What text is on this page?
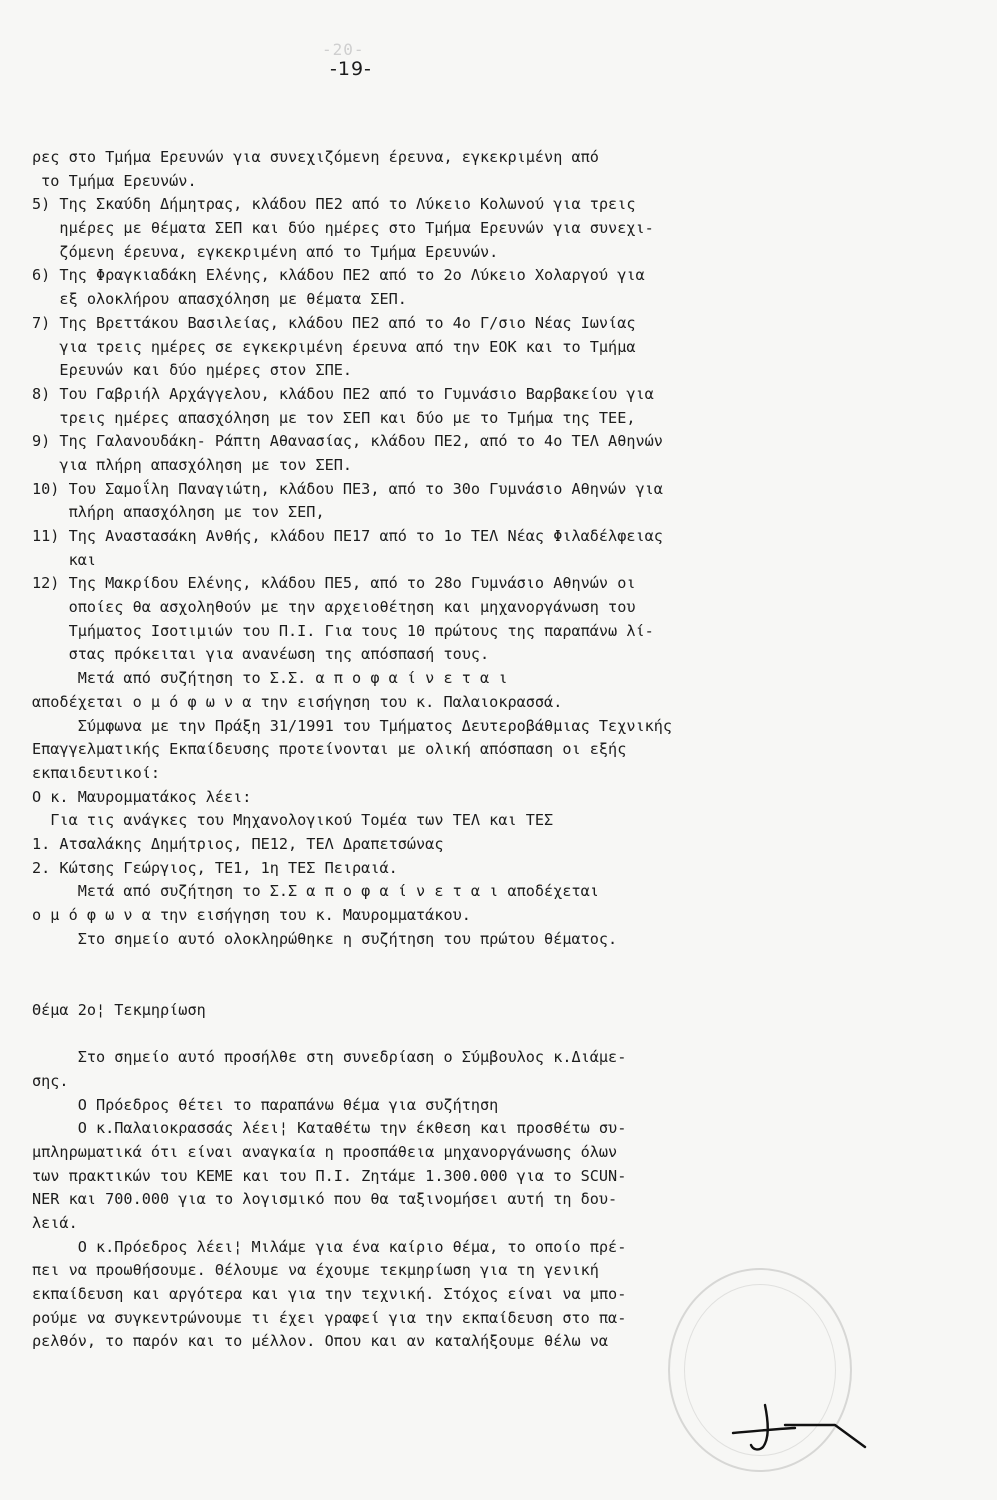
-20-
-19-
ρες στο Τμήμα Ερευνών για συνεχιζόμενη έρευνα, εγκεκριμένη από
το Τμήμα Ερευνών.
5) Της Σκαύδη Δήμητρας, κλάδου ΠΕ2 από το Λύκειο Κολωνού για τρεις
ημέρες με θέματα ΣΕΠ και δύο ημέρες στο Τμήμα Ερευνών για συνεχι-
ζόμενη έρευνα, εγκεκριμένη από το Τμήμα Ερευνών.
6) Της Φραγκιαδάκη Ελένης, κλάδου ΠΕ2 από το 2ο Λύκειο Χολαργού για
εξ ολοκλήρου απασχόληση με θέματα ΣΕΠ.
7) Της Βρεττάκου Βασιλείας, κλάδου ΠΕ2 από το 4ο Γ/σιο Νέας Ιωνίας
για τρεις ημέρες σε εγκεκριμένη έρευνα από την ΕΟΚ και το Τμήμα
Ερευνών και δύο ημέρες στον ΣΠΕ.
8) Του Γαβριήλ Αρχάγγελου, κλάδου ΠΕ2 από το Γυμνάσιο Βαρβακείου για
τρεις ημέρες απασχόληση με τον ΣΕΠ και δύο με το Τμήμα της ΤΕΕ,
9) Της Γαλανουδάκη- Ράπτη Αθανασίας, κλάδου ΠΕ2, από το 4ο ΤΕΛ Αθηνών
για πλήρη απασχόληση με τον ΣΕΠ.
10) Του Σαμοΐλη Παναγιώτη, κλάδου ΠΕ3, από το 30ο Γυμνάσιο Αθηνών για
πλήρη απασχόληση με τον ΣΕΠ,
11) Της Αναστασάκη Ανθής, κλάδου ΠΕ17 από το 1ο ΤΕΛ Νέας Φιλαδέλφειας
και
12) Της Μακρίδου Ελένης, κλάδου ΠΕ5, από το 28ο Γυμνάσιο Αθηνών οι
οποίες θα ασχοληθούν με την αρχειοθέτηση και μηχανοργάνωση του
Τμήματος Ισοτιμιών του Π.Ι. Για τους 10 πρώτους της παραπάνω λί-
στας πρόκειται για ανανέωση της απόσπασή τους.
Μετά από συζήτηση το Σ.Σ. α π ο φ α ί ν ε τ α ι
αποδέχεται ο μ ό φ ω ν α την εισήγηση του κ. Παλαιοκρασσά.
Σύμφωνα με την Πράξη 31/1991 του Τμήματος Δευτεροβάθμιας Τεχνικής
Επαγγελματικής Εκπαίδευσης προτείνονται με ολική απόσπαση οι εξής
εκπαιδευτικοί:
Ο κ. Μαυρομματάκος λέει:
Για τις ανάγκες του Μηχανολογικού Τομέα των ΤΕΛ και ΤΕΣ
1. Ατσαλάκης Δημήτριος, ΠΕ12, ΤΕΛ Δραπετσώνας
2. Κώτσης Γεώργιος, ΤΕ1, 1η ΤΕΣ Πειραιά.
Μετά από συζήτηση το Σ.Σ α π ο φ α ί ν ε τ α ι αποδέχεται
ο μ ό φ ω ν α την εισήγηση του κ. Μαυρομματάκου.
Στο σημείο αυτό ολοκληρώθηκε η συζήτηση του πρώτου θέματος.
Θέμα 2ο¦ Τεκμηρίωση
Στο σημείο αυτό προσήλθε στη συνεδρίαση ο Σύμβουλος κ.Διάμε-
σης.
Ο Πρόεδρος θέτει το παραπάνω θέμα για συζήτηση
Ο κ.Παλαιοκρασσάς λέει¦ Καταθέτω την έκθεση και προσθέτω συ-
μπληρωματικά ότι είναι αναγκαία η προσπάθεια μηχανοργάνωσης όλων
των πρακτικών του ΚΕΜΕ και του Π.Ι. Ζητάμε 1.300.000 για το SCUN-
NER και 700.000 για το λογισμικό που θα ταξινομήσει αυτή τη δου-
λειά.
Ο κ.Πρόεδρος λέει¦ Μιλάμε για ένα καίριο θέμα, το οποίο πρέ-
πει να προωθήσουμε. Θέλουμε να έχουμε τεκμηρίωση για τη γενική
εκπαίδευση και αργότερα και για την τεχνική. Στόχος είναι να μπο-
ρούμε να συγκεντρώνουμε τι έχει γραφεί για την εκπαίδευση στο πα-
ρελθόν, το παρόν και το μέλλον. Οπου και αν καταλήξουμε θέλω να
